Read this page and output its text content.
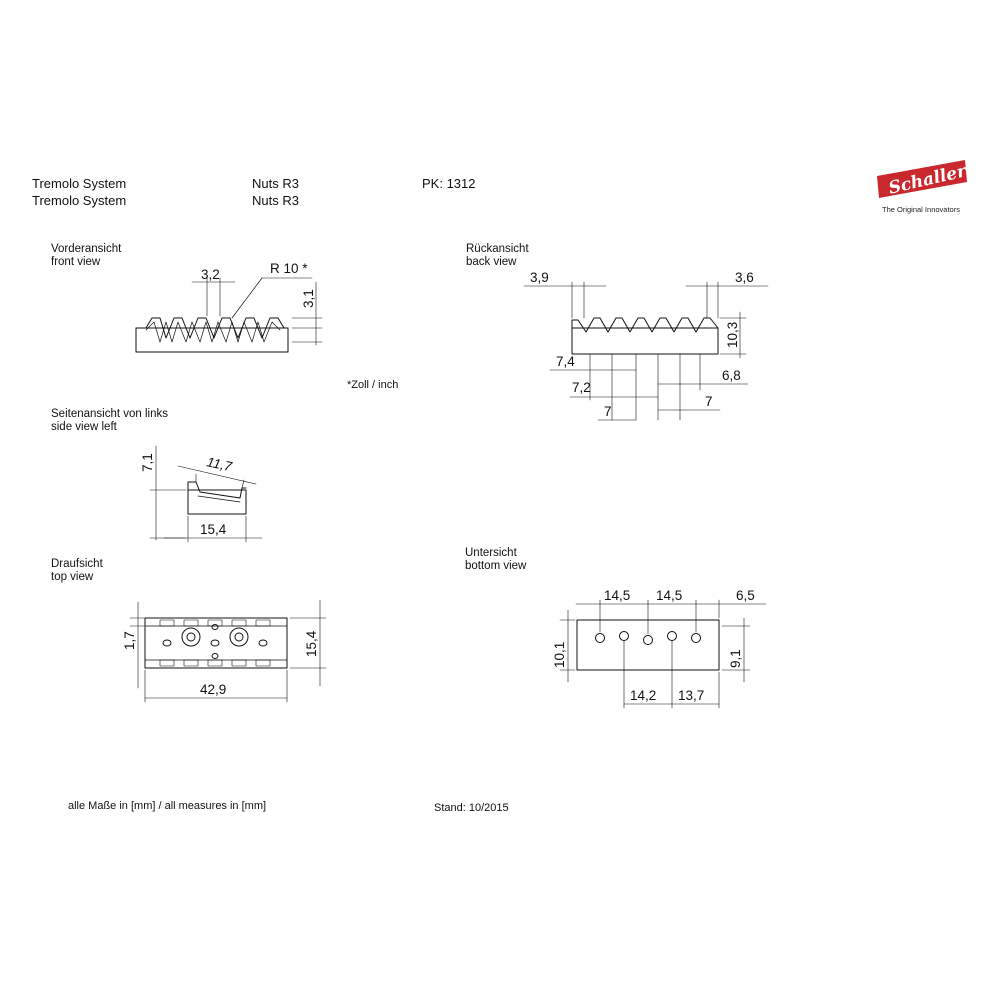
Tremolo System	Nuts R3	PK: 1312
Tremolo System	Nuts R3
Schaller
The Original Innovators
Vorderansicht
front view
Rückansicht
back view
Seitenansicht von links
side view left
Draufsicht
top view
Untersicht
bottom view
*Zoll / inch
alle Maße in [mm] / all measures in [mm]	Stand: 10/2015
3,2	R 10 *
3,1
3,9	3,6
10,3
7,4
6,8
7,2
7
7
7,1	11,7
15,4
1,7	15,4
42,9
14,5 14,5	6,5
10,1	9,1
14,2 13,7
